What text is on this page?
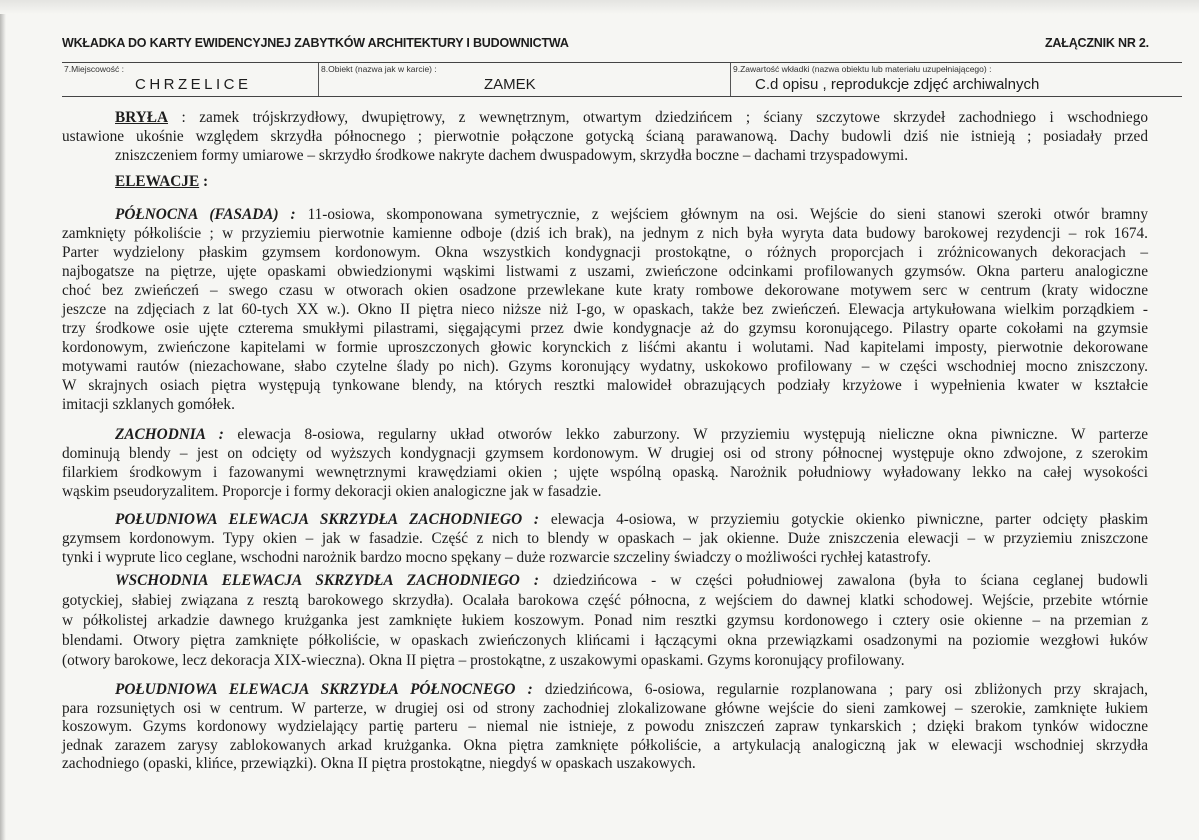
WKŁADKA DO KARTY EWIDENCYJNEJ ZABYTKÓW ARCHITEKTURY I BUDOWNICTWA	ZAŁĄCZNIK NR 2.
7.Miejscowość :
CHRZELICE
8.Obiekt (nazwa jak w karcie) :
ZAMEK
9.Zawartość wkładki (nazwa obiektu lub materiału uzupełniającego) :
C.d opisu , reprodukcje zdjęć archiwalnych
BRYŁA : zamek trójskrzydłowy, dwupiętrowy, z wewnętrznym, otwartym dziedzińcem ; ściany szczytowe skrzydeł zachodniego i wschodniego
ustawione ukośnie względem skrzydła północnego ; pierwotnie połączone gotycką ścianą parawanową. Dachy budowli dziś nie istnieją ; posiadały przed
zniszczeniem formy umiarowe – skrzydło środkowe nakryte dachem dwuspadowym, skrzydła boczne – dachami trzyspadowymi.
ELEWACJE :
PÓŁNOCNA (FASADA) : 11-osiowa, skomponowana symetrycznie, z wejściem głównym na osi. Wejście do sieni stanowi szeroki otwór bramny
zamknięty półkoliście ; w przyziemiu pierwotnie kamienne odboje (dziś ich brak), na jednym z nich była wyryta data budowy barokowej rezydencji – rok 1674.
Parter wydzielony płaskim gzymsem kordonowym. Okna wszystkich kondygnacji prostokątne, o różnych proporcjach i zróżnicowanych dekoracjach –
najbogatsze na piętrze, ujęte opaskami obwiedzionymi wąskimi listwami z uszami, zwieńczone odcinkami profilowanych gzymsów. Okna parteru analogiczne
choć bez zwieńczeń – swego czasu w otworach okien osadzone przewlekane kute kraty rombowe dekorowane motywem serc w centrum (kraty widoczne
jeszcze na zdjęciach z lat 60-tych XX w.). Okno II piętra nieco niższe niż I-go, w opaskach, także bez zwieńczeń. Elewacja artykułowana wielkim porządkiem -
trzy środkowe osie ujęte czterema smukłymi pilastrami, sięgającymi przez dwie kondygnacje aż do gzymsu koronującego. Pilastry oparte cokołami na gzymsie
kordonowym, zwieńczone kapitelami w formie uproszczonych głowic korynckich z liśćmi akantu i wolutami. Nad kapitelami imposty, pierwotnie dekorowane
motywami rautów (niezachowane, słabo czytelne ślady po nich). Gzyms koronujący wydatny, uskokowo profilowany – w części wschodniej mocno zniszczony.
W skrajnych osiach piętra występują tynkowane blendy, na których resztki malowideł obrazujących podziały krzyżowe i wypełnienia kwater w kształcie
imitacji szklanych gomółek.
ZACHODNIA : elewacja 8-osiowa, regularny układ otworów lekko zaburzony. W przyziemiu występują nieliczne okna piwniczne. W parterze
dominują blendy – jest on odcięty od wyższych kondygnacji gzymsem kordonowym. W drugiej osi od strony północnej występuje okno zdwojone, z szerokim
filarkiem środkowym i fazowanymi wewnętrznymi krawędziami okien ; ujęte wspólną opaską. Narożnik południowy wyładowany lekko na całej wysokości
wąskim pseudoryzalitem. Proporcje i formy dekoracji okien analogiczne jak w fasadzie.
POŁUDNIOWA ELEWACJA SKRZYDŁA ZACHODNIEGO : elewacja 4-osiowa, w przyziemiu gotyckie okienko piwniczne, parter odcięty płaskim
gzymsem kordonowym. Typy okien – jak w fasadzie. Część z nich to blendy w opaskach – jak okienne. Duże zniszczenia elewacji – w przyziemiu zniszczone
tynki i wyprute lico ceglane, wschodni narożnik bardzo mocno spękany – duże rozwarcie szczeliny świadczy o możliwości rychłej katastrofy.
WSCHODNIA ELEWACJA SKRZYDŁA ZACHODNIEGO : dziedzińcowa - w części południowej zawalona (była to ściana ceglanej budowli
gotyckiej, słabiej związana z resztą barokowego skrzydła). Ocalała barokowa część północna, z wejściem do dawnej klatki schodowej. Wejście, przebite wtórnie
w półkolistej arkadzie dawnego krużganka jest zamknięte łukiem koszowym. Ponad nim resztki gzymsu kordonowego i cztery osie okienne – na przemian z
blendami. Otwory piętra zamknięte półkoliście, w opaskach zwieńczonych klińcami i łączącymi okna przewiązkami osadzonymi na poziomie wezgłowi łuków
(otwory barokowe, lecz dekoracja XIX-wieczna). Okna II piętra – prostokątne, z uszakowymi opaskami. Gzyms koronujący profilowany.
POŁUDNIOWA ELEWACJA SKRZYDŁA PÓŁNOCNEGO : dziedzińcowa, 6-osiowa, regularnie rozplanowana ; pary osi zbliżonych przy skrajach,
para rozsuniętych osi w centrum. W parterze, w drugiej osi od strony zachodniej zlokalizowane główne wejście do sieni zamkowej – szerokie, zamknięte łukiem
koszowym. Gzyms kordonowy wydzielający partię parteru – niemal nie istnieje, z powodu zniszczeń zapraw tynkarskich ; dzięki brakom tynków widoczne
jednak zarazem zarysy zablokowanych arkad krużganka. Okna piętra zamknięte półkoliście, a artykulacją analogiczną jak w elewacji wschodniej skrzydła
zachodniego (opaski, klińce, przewiązki). Okna II piętra prostokątne, niegdyś w opaskach uszakowych.
